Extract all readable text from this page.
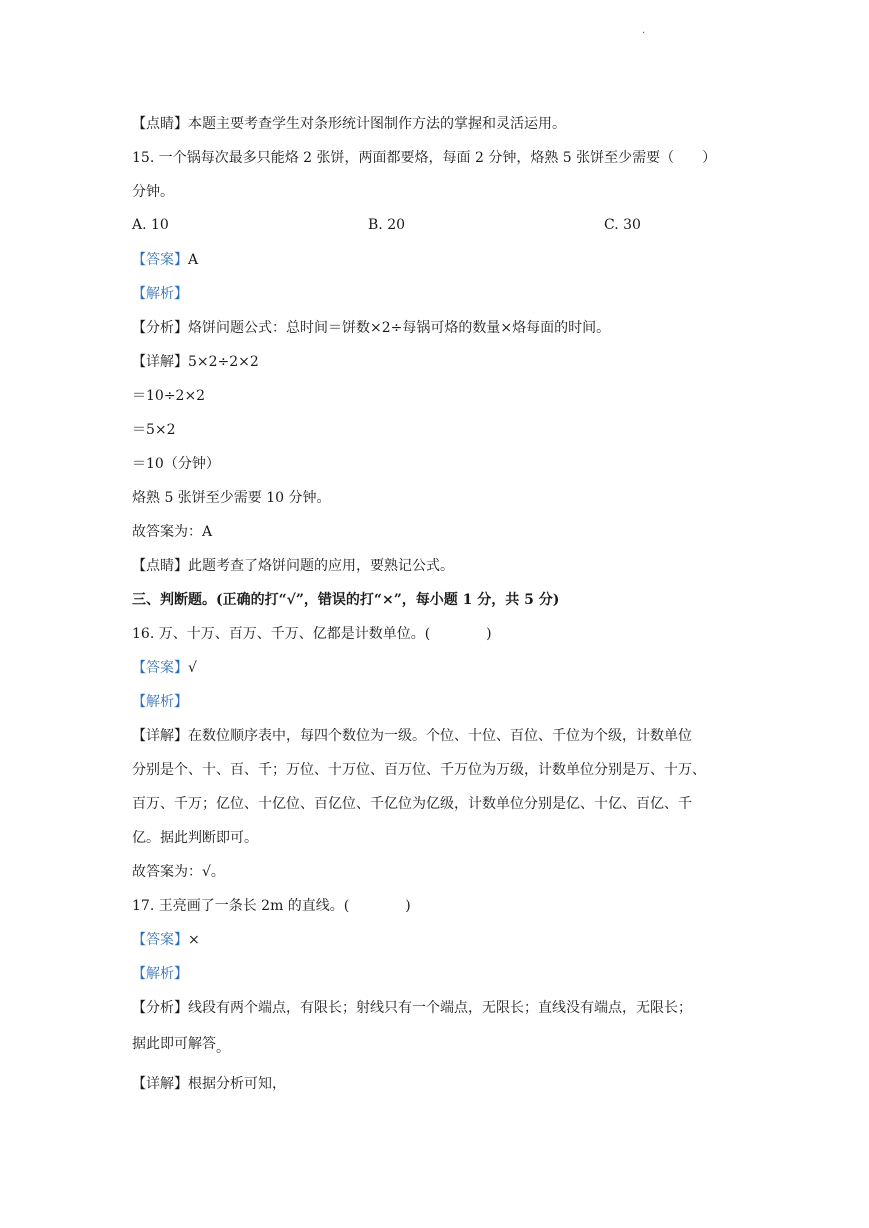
·
【点睛】本题主要考查学生对条形统计图制作方法的掌握和灵活运用。
15. 一个锅每次最多只能烙 2 张饼，两面都要烙，每面 2 分钟，烙熟 5 张饼至少需要（　　）
分钟。
A. 10	B. 20	C. 30
【答案】A
【解析】
【分析】烙饼问题公式：总时间＝饼数×2÷每锅可烙的数量×烙每面的时间。
【详解】5×2÷2×2
＝10÷2×2
＝5×2
＝10（分钟）
烙熟 5 张饼至少需要 10 分钟。
故答案为：A
【点睛】此题考查了烙饼问题的应用，要熟记公式。
三、判断题。(正确的打“√”，错误的打“×”，每小题 1 分，共 5 分)
16. 万、十万、百万、千万、亿都是计数单位。(　　　　)
【答案】√
【解析】
【详解】在数位顺序表中，每四个数位为一级。个位、十位、百位、千位为个级，计数单位
分别是个、十、百、千；万位、十万位、百万位、千万位为万级，计数单位分别是万、十万、
百万、千万；亿位、十亿位、百亿位、千亿位为亿级，计数单位分别是亿、十亿、百亿、千
亿。据此判断即可。
故答案为：√。
17. 王亮画了一条长 2m 的直线。(　　　　)
【答案】×
【解析】
【分析】线段有两个端点，有限长；射线只有一个端点，无限长；直线没有端点，无限长；
据此即可解答。
【详解】根据分析可知，
